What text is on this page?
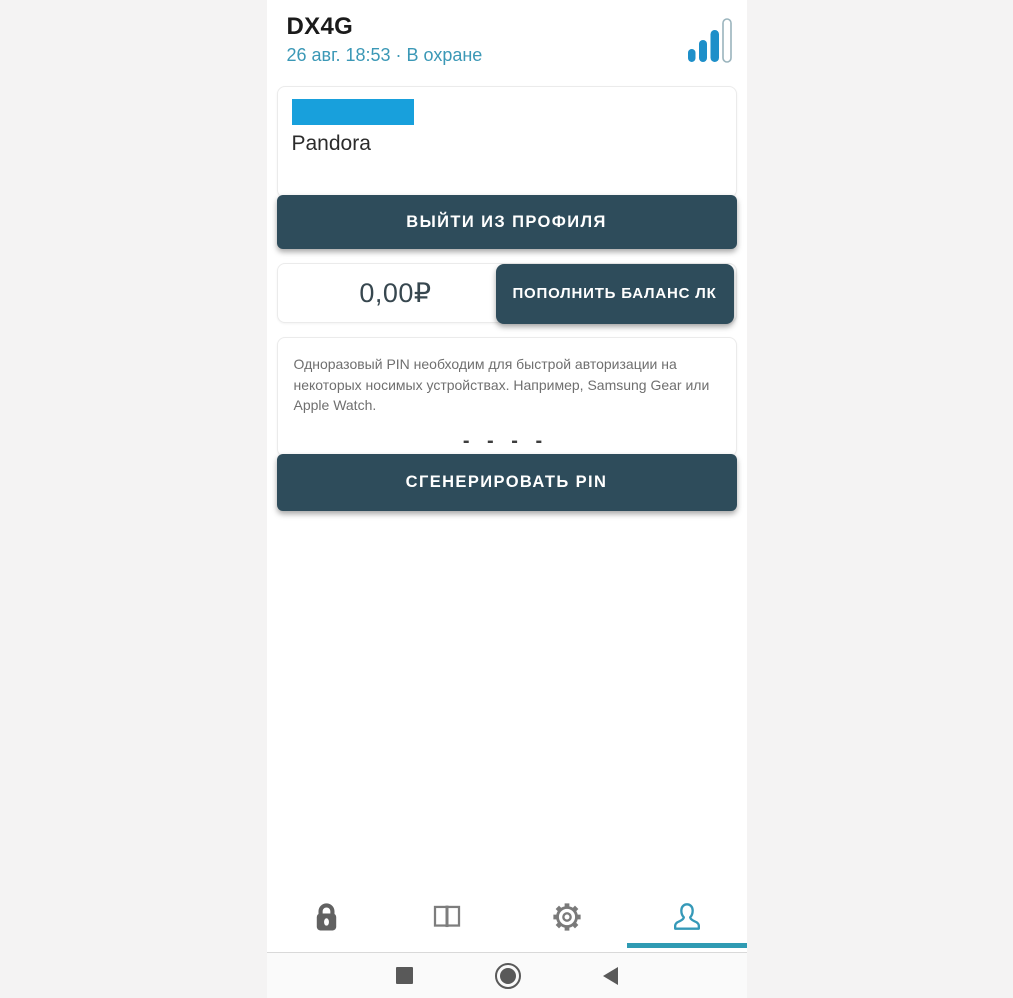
DX4G
26 авг. 18:53 · В охране
Pandora
ВЫЙТИ ИЗ ПРОФИЛЯ
0,00₽	ПОПОЛНИТЬ БАЛАНС ЛК
Одноразовый PIN необходим для быстрой авторизации на некоторых носимых устройствах. Например, Samsung Gear или Apple Watch.
- - - -
СГЕНЕРИРОВАТЬ PIN
